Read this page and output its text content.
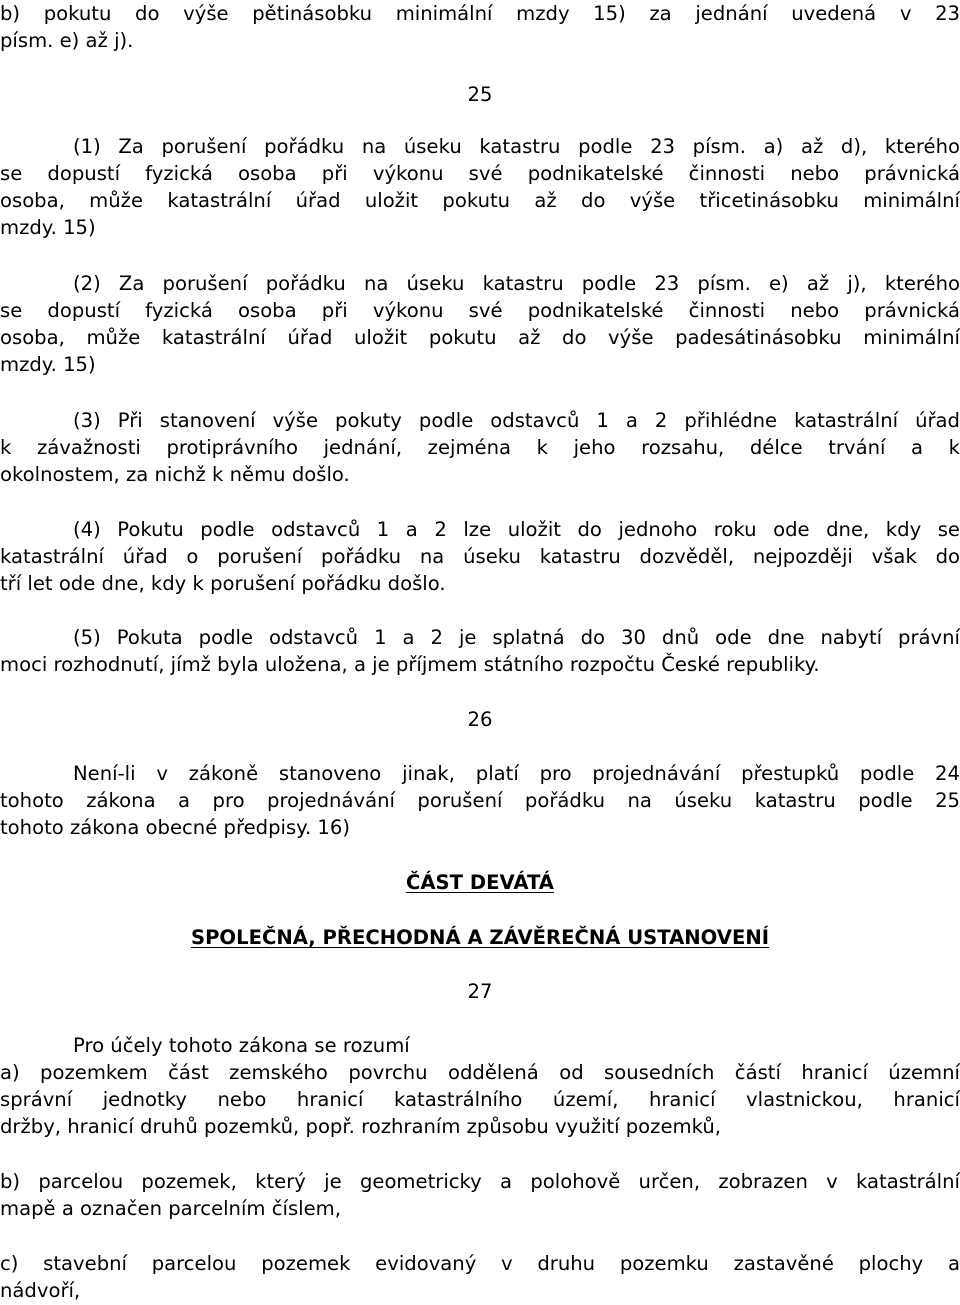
b) pokutu do výše pětinásobku minimální mzdy 15) za jednání uvedená v 23
písm. e) až j).
25
(1) Za porušení pořádku na úseku katastru podle 23 písm. a) až d), kterého
se dopustí fyzická osoba při výkonu své podnikatelské činnosti nebo právnická
osoba, může katastrální úřad uložit pokutu až do výše třicetinásobku minimální
mzdy. 15)
(2) Za porušení pořádku na úseku katastru podle 23 písm. e) až j), kterého
se dopustí fyzická osoba při výkonu své podnikatelské činnosti nebo právnická
osoba, může katastrální úřad uložit pokutu až do výše padesátinásobku minimální
mzdy. 15)
(3) Při stanovení výše pokuty podle odstavců 1 a 2 přihlédne katastrální úřad
k závažnosti protiprávního jednání, zejména k jeho rozsahu, délce trvání a k
okolnostem, za nichž k němu došlo.
(4) Pokutu podle odstavců 1 a 2 lze uložit do jednoho roku ode dne, kdy se
katastrální úřad o porušení pořádku na úseku katastru dozvěděl, nejpozději však do
tří let ode dne, kdy k porušení pořádku došlo.
(5) Pokuta podle odstavců 1 a 2 je splatná do 30 dnů ode dne nabytí právní
moci rozhodnutí, jímž byla uložena, a je příjmem státního rozpočtu České republiky.
26
Není-li v zákoně stanoveno jinak, platí pro projednávání přestupků podle 24
tohoto zákona a pro projednávání porušení pořádku na úseku katastru podle 25
tohoto zákona obecné předpisy. 16)
ČÁST DEVÁTÁ
SPOLEČNÁ, PŘECHODNÁ A ZÁVĚREČNÁ USTANOVENÍ
27
Pro účely tohoto zákona se rozumí
a) pozemkem část zemského povrchu oddělená od sousedních částí hranicí územní
správní jednotky nebo hranicí katastrálního území, hranicí vlastnickou, hranicí
držby, hranicí druhů pozemků, popř. rozhraním způsobu využití pozemků,
b) parcelou pozemek, který je geometricky a polohově určen, zobrazen v katastrální
mapě a označen parcelním číslem,
c) stavební parcelou pozemek evidovaný v druhu pozemku zastavěné plochy a
nádvoří,
